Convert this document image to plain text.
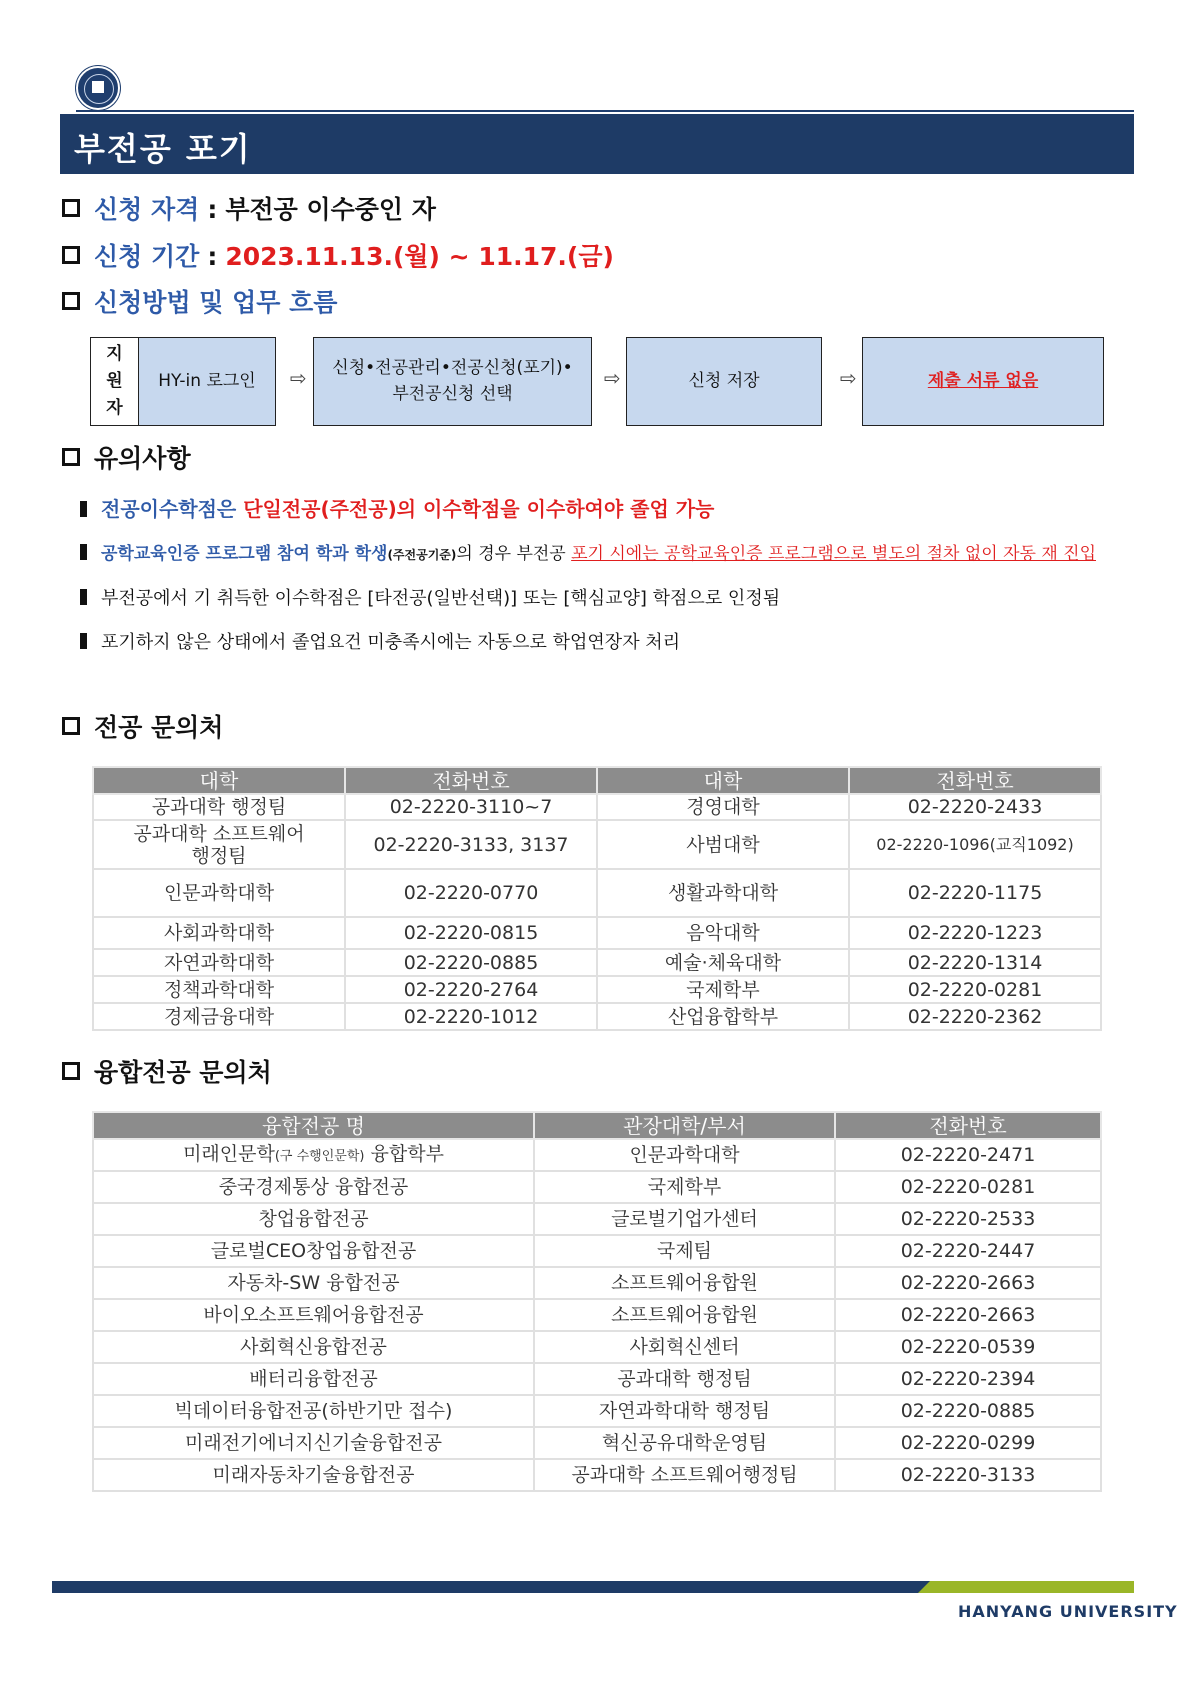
부전공 포기
신청 자격 : 부전공 이수중인 자
신청 기간 : 2023.11.13.(월) ~ 11.17.(금)
신청방법 및 업무 흐름
지
원
자
HY-in 로그인	⇨	신청•전공관리•전공신청(포기)•
부전공신청 선택
⇨	신청 저장	⇨	제출 서류 없음
유의사항
전공이수학점은 단일전공(주전공)의 이수학점을 이수하여야 졸업 가능
공학교육인증 프로그램 참여 학과 학생(주전공기준)의 경우 부전공 포기 시에는 공학교육인증 프로그램으로 별도의 절차 없이 자동 재 진입
부전공에서 기 취득한 이수학점은 [타전공(일반선택)] 또는 [핵심교양] 학점으로 인정됨
포기하지 않은 상태에서 졸업요건 미충족시에는 자동으로 학업연장자 처리
전공 문의처
대학	전화번호	대학	전화번호
공과대학 행정팀	02-2220-3110~7	경영대학	02-2220-2433
공과대학 소프트웨어 행정팀	02-2220-3133, 3137	사범대학	02-2220-1096(교직1092)
인문과학대학	02-2220-0770	생활과학대학	02-2220-1175
사회과학대학	02-2220-0815	음악대학	02-2220-1223
자연과학대학	02-2220-0885	예술·체육대학	02-2220-1314
정책과학대학	02-2220-2764	국제학부	02-2220-0281
경제금융대학	02-2220-1012	산업융합학부	02-2220-2362
융합전공 문의처
융합전공 명	관장대학/부서	전화번호
미래인문학(구 수행인문학) 융합학부	인문과학대학	02-2220-2471
중국경제통상 융합전공	국제학부	02-2220-0281
창업융합전공	글로벌기업가센터	02-2220-2533
글로벌CEO창업융합전공	국제팀	02-2220-2447
자동차-SW 융합전공	소프트웨어융합원	02-2220-2663
바이오소프트웨어융합전공	소프트웨어융합원	02-2220-2663
사회혁신융합전공	사회혁신센터	02-2220-0539
배터리융합전공	공과대학 행정팀	02-2220-2394
빅데이터융합전공(하반기만 접수)	자연과학대학 행정팀	02-2220-0885
미래전기에너지신기술융합전공	혁신공유대학운영팀	02-2220-0299
미래자동차기술융합전공	공과대학 소프트웨어행정팀	02-2220-3133
HANYANG UNIVERSITY
